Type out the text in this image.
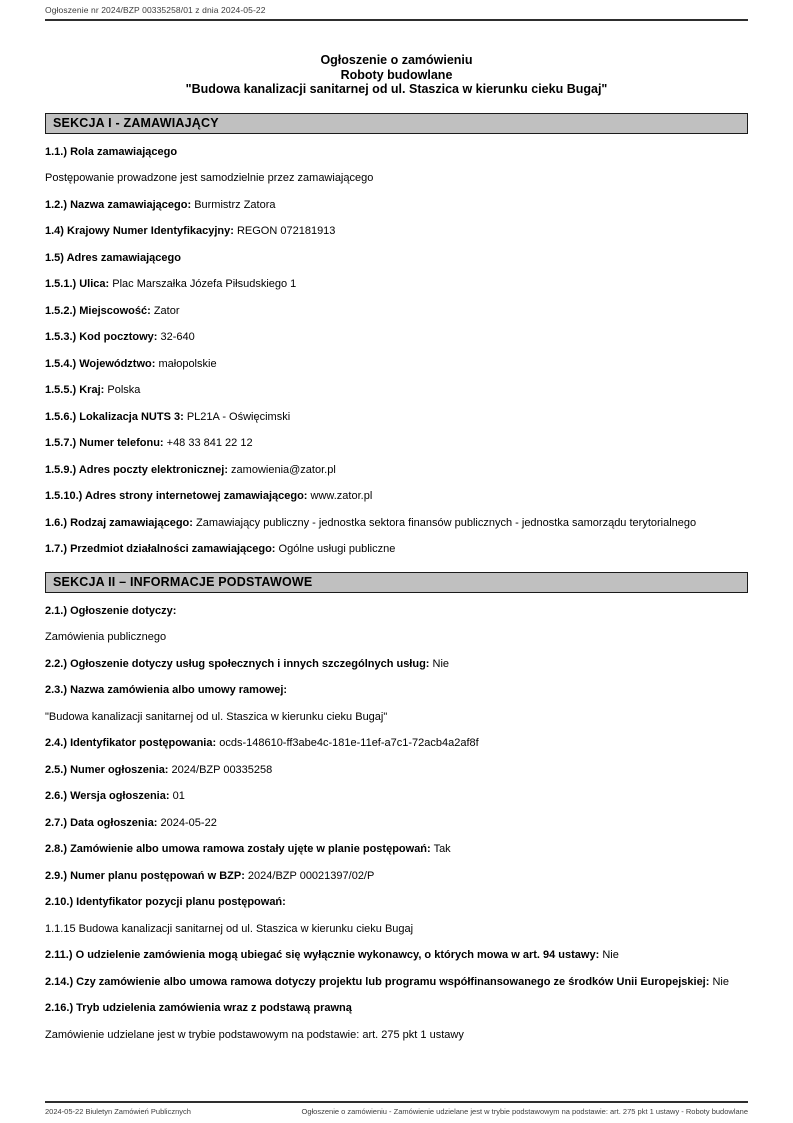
Ogłoszenie nr 2024/BZP 00335258/01 z dnia 2024-05-22
Ogłoszenie o zamówieniu
Roboty budowlane
"Budowa kanalizacji sanitarnej od ul. Staszica w kierunku cieku Bugaj"
SEKCJA I - ZAMAWIAJĄCY

1.1.) Rola zamawiającego

Postępowanie prowadzone jest samodzielnie przez zamawiającego

1.2.) Nazwa zamawiającego: Burmistrz Zatora

1.4) Krajowy Numer Identyfikacyjny: REGON 072181913

1.5) Adres zamawiającego

1.5.1.) Ulica: Plac Marszałka Józefa Piłsudskiego 1

1.5.2.) Miejscowość: Zator

1.5.3.) Kod pocztowy: 32-640

1.5.4.) Województwo: małopolskie

1.5.5.) Kraj: Polska

1.5.6.) Lokalizacja NUTS 3: PL21A - Oświęcimski

1.5.7.) Numer telefonu: +48 33 841 22 12

1.5.9.) Adres poczty elektronicznej: zamowienia@zator.pl

1.5.10.) Adres strony internetowej zamawiającego: www.zator.pl

1.6.) Rodzaj zamawiającego: Zamawiający publiczny - jednostka sektora finansów publicznych - jednostka samorządu terytorialnego

1.7.) Przedmiot działalności zamawiającego: Ogólne usługi publiczne

SEKCJA II – INFORMACJE PODSTAWOWE

2.1.) Ogłoszenie dotyczy:

Zamówienia publicznego

2.2.) Ogłoszenie dotyczy usług społecznych i innych szczególnych usług: Nie

2.3.) Nazwa zamówienia albo umowy ramowej:

"Budowa kanalizacji sanitarnej od ul. Staszica w kierunku cieku Bugaj"

2.4.) Identyfikator postępowania: ocds-148610-ff3abe4c-181e-11ef-a7c1-72acb4a2af8f

2.5.) Numer ogłoszenia: 2024/BZP 00335258

2.6.) Wersja ogłoszenia: 01

2.7.) Data ogłoszenia: 2024-05-22

2.8.) Zamówienie albo umowa ramowa zostały ujęte w planie postępowań: Tak

2.9.) Numer planu postępowań w BZP: 2024/BZP 00021397/02/P

2.10.) Identyfikator pozycji planu postępowań:

1.1.15 Budowa kanalizacji sanitarnej od ul. Staszica w kierunku cieku Bugaj

2.11.) O udzielenie zamówienia mogą ubiegać się wyłącznie wykonawcy, o których mowa w art. 94 ustawy: Nie

2.14.) Czy zamówienie albo umowa ramowa dotyczy projektu lub programu współfinansowanego ze środków Unii Europejskiej: Nie

2.16.) Tryb udzielenia zamówienia wraz z podstawą prawną

Zamówienie udzielane jest w trybie podstawowym na podstawie: art. 275 pkt 1 ustawy

2024-05-22 Biuletyn Zamówień Publicznych	Ogłoszenie o zamówieniu - Zamówienie udzielane jest w trybie podstawowym na podstawie: art. 275 pkt 1 ustawy - Roboty budowlane
